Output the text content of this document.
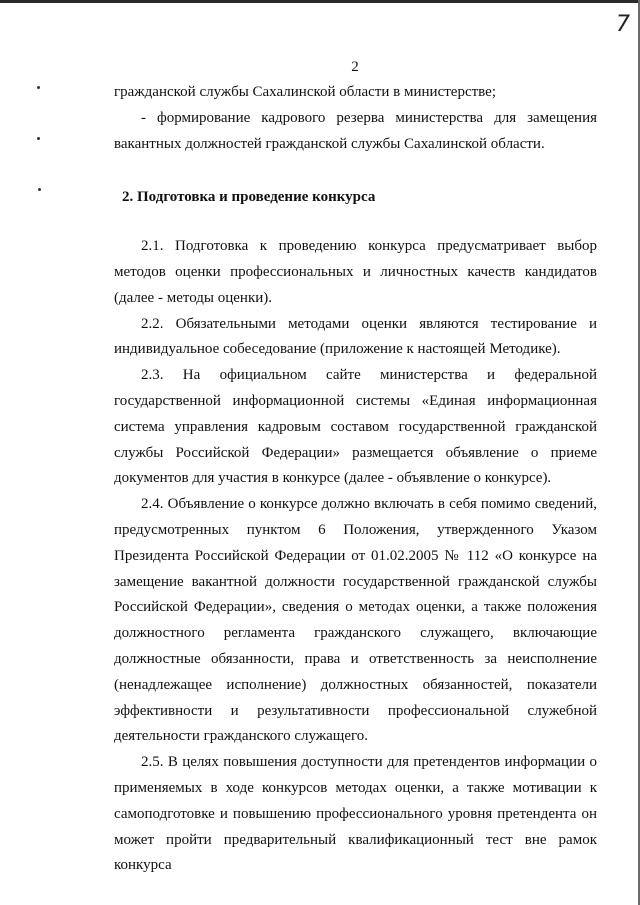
7
2

гражданской службы Сахалинской области в министерстве;

- формирование кадрового резерва министерства для замещения вакантных должностей гражданской службы Сахалинской области.

2. Подготовка и проведение конкурса

2.1. Подготовка к проведению конкурса предусматривает выбор методов оценки профессиональных и личностных качеств кандидатов (далее - методы оценки).

2.2. Обязательными методами оценки являются тестирование и индивидуальное собеседование (приложение к настоящей Методике).

2.3. На официальном сайте министерства и федеральной государственной информационной системы «Единая информационная система управления кадровым составом государственной гражданской службы Российской Федерации» размещается объявление о приеме документов для участия в конкурсе (далее - объявление о конкурсе).

2.4. Объявление о конкурсе должно включать в себя помимо сведений, предусмотренных пунктом 6 Положения, утвержденного Указом Президента Российской Федерации от 01.02.2005 № 112 «О конкурсе на замещение вакантной должности государственной гражданской службы Российской Федерации», сведения о методах оценки, а также положения должностного регламента гражданского служащего, включающие должностные обязанности, права и ответственность за неисполнение (ненадлежащее исполнение) должностных обязанностей, показатели эффективности и результативности профессиональной служебной деятельности гражданского служащего.

2.5. В целях повышения доступности для претендентов информации о применяемых в ходе конкурсов методах оценки, а также мотивации к самоподготовке и повышению профессионального уровня претендента он может пройти предварительный квалификационный тест вне рамок конкурса
